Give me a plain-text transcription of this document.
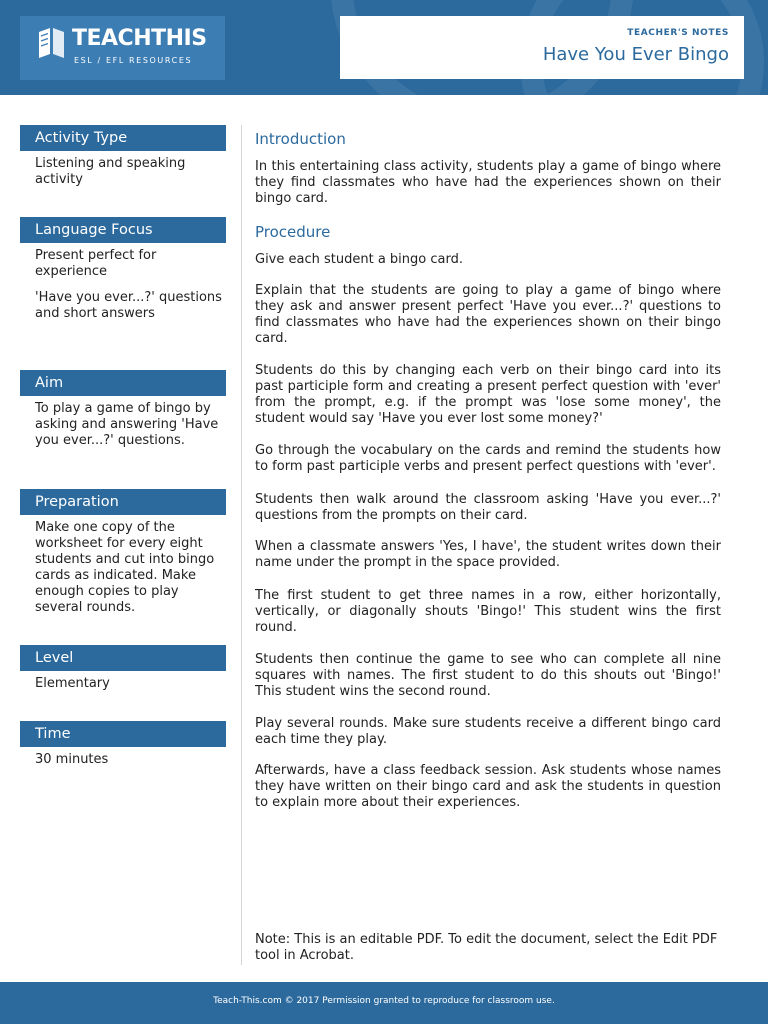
TEACHTHIS
ESL / EFL RESOURCES
TEACHER'S NOTES
Have You Ever Bingo
Activity Type

Listening and speaking activity

Language Focus

Present perfect for experience

'Have you ever...?' questions and short answers

Aim

To play a game of bingo by asking and answering 'Have you ever...?' questions.

Preparation

Make one copy of the worksheet for every eight students and cut into bingo cards as indicated. Make enough copies to play several rounds.

Level

Elementary

Time

30 minutes

Introduction

In this entertaining class activity, students play a game of bingo where they find classmates who have had the experiences shown on their bingo card.

Procedure

Give each student a bingo card.

Explain that the students are going to play a game of bingo where they ask and answer present perfect 'Have you ever...?' questions to find classmates who have had the experiences shown on their bingo card.

Students do this by changing each verb on their bingo card into its past participle form and creating a present perfect question with 'ever' from the prompt, e.g. if the prompt was 'lose some money', the student would say 'Have you ever lost some money?'

Go through the vocabulary on the cards and remind the students how to form past participle verbs and present perfect questions with 'ever'.

Students then walk around the classroom asking 'Have you ever...?' questions from the prompts on their card.

When a classmate answers 'Yes, I have', the student writes down their name under the prompt in the space provided.

The first student to get three names in a row, either horizontally, vertically, or diagonally shouts 'Bingo!' This student wins the first round.

Students then continue the game to see who can complete all nine squares with names. The first student to do this shouts out 'Bingo!' This student wins the second round.

Play several rounds. Make sure students receive a different bingo card each time they play.

Afterwards, have a class feedback session. Ask students whose names they have written on their bingo card and ask the students in question to explain more about their experiences.

Note: This is an editable PDF. To edit the document, select the Edit PDF tool in Acrobat.

Teach-This.com © 2017 Permission granted to reproduce for classroom use.
